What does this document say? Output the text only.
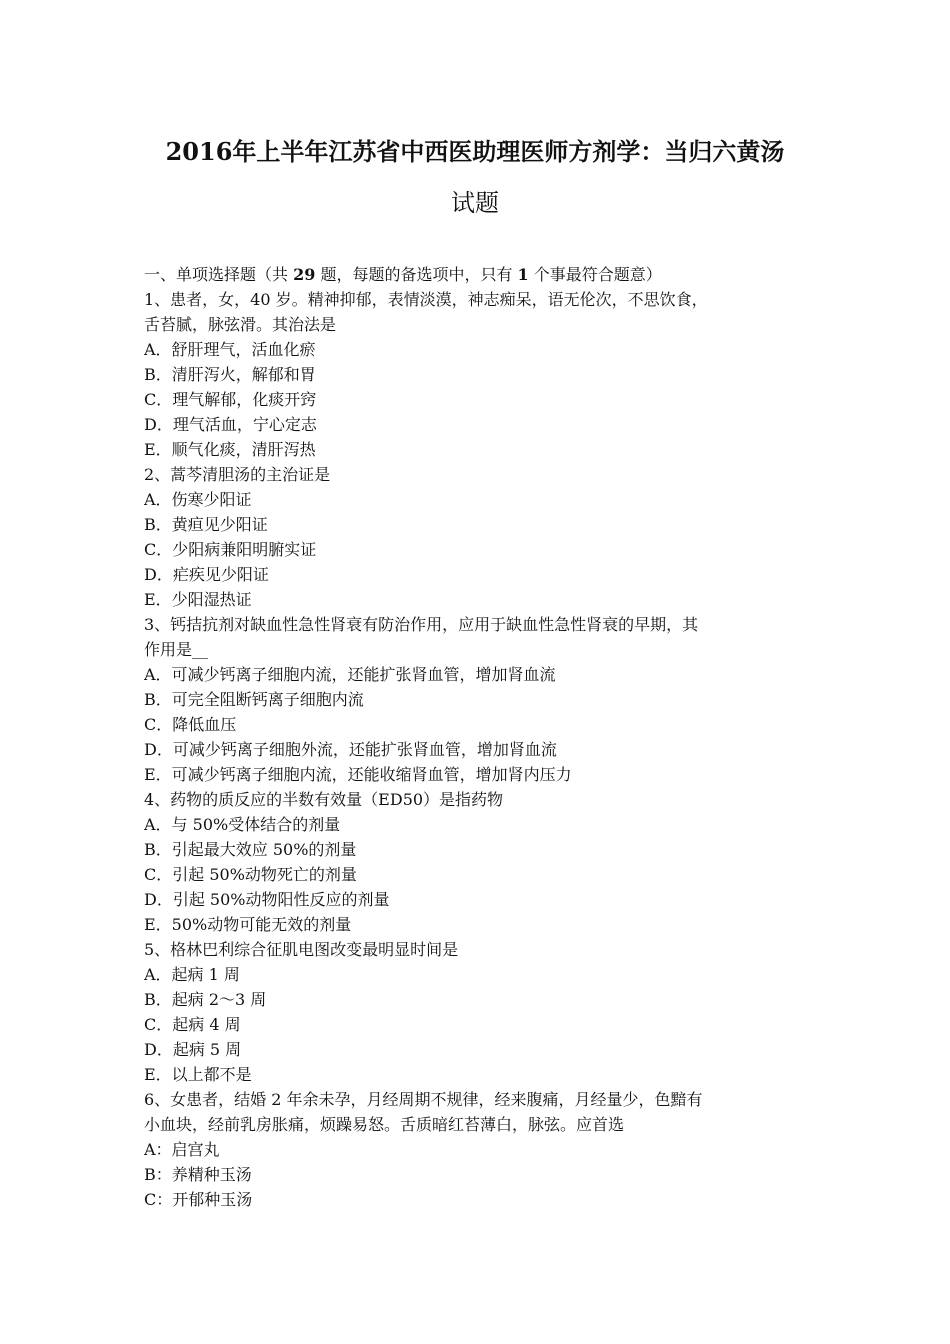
2016年上半年江苏省中西医助理医师方剂学：当归六黄汤
试题
一、单项选择题（共 29 题，每题的备选项中，只有 1 个事最符合题意）
1、患者，女，40 岁。精神抑郁，表情淡漠，神志痴呆，语无伦次，不思饮食，
舌苔腻，脉弦滑。其治法是
A．舒肝理气，活血化瘀
B．清肝泻火，解郁和胃
C．理气解郁，化痰开窍
D．理气活血，宁心定志
E．顺气化痰，清肝泻热
2、蒿芩清胆汤的主治证是
A．伤寒少阳证
B．黄疸见少阳证
C．少阳病兼阳明腑实证
D．疟疾见少阳证
E．少阳湿热证
3、钙拮抗剂对缺血性急性肾衰有防治作用，应用于缺血性急性肾衰的早期，其
作用是__
A．可减少钙离子细胞内流，还能扩张肾血管，增加肾血流
B．可完全阻断钙离子细胞内流
C．降低血压
D．可减少钙离子细胞外流，还能扩张肾血管，增加肾血流
E．可减少钙离子细胞内流，还能收缩肾血管，增加肾内压力
4、药物的质反应的半数有效量（ED50）是指药物
A．与 50%受体结合的剂量
B．引起最大效应 50%的剂量
C．引起 50%动物死亡的剂量
D．引起 50%动物阳性反应的剂量
E．50%动物可能无效的剂量
5、格林巴利综合征肌电图改变最明显时间是
A．起病 1 周
B．起病 2～3 周
C．起病 4 周
D．起病 5 周
E．以上都不是
6、女患者，结婚 2 年余未孕，月经周期不规律，经来腹痛，月经量少，色黯有
小血块，经前乳房胀痛，烦躁易怒。舌质暗红苔薄白，脉弦。应首选
A：启宫丸
B：养精种玉汤
C：开郁种玉汤
